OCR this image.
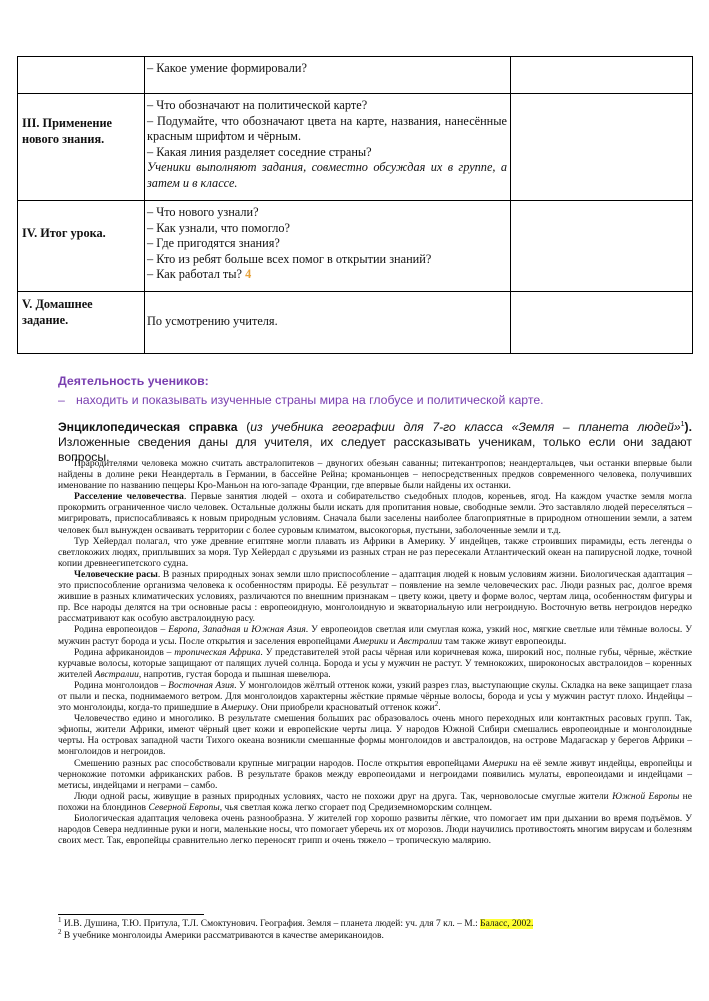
	– Какое умение формировали?	

III. Применение нового знания.	– Что обозначают на политической карте?
– Подумайте, что обозначают цвета на карте, названия, нанесённые красным шрифтом и чёрным.
– Какая линия разделяет соседние страны?
Ученики выполняют задания, совместно обсуждая их в группе, а затем и в классе.	

IV. Итог урока.	– Что нового узнали?
– Как узнали, что помогло?
– Где пригодятся знания?
– Кто из ребят больше всех помог в открытии знаний?
– Как работал ты? 4	

V. Домашнее задание.	По усмотрению учителя.	

Деятельность учеников:
– находить и показывать изученные страны мира на глобусе и политической карте.
Энциклопедическая справка (из учебника географии для 7-го класса «Земля – планета людей»$^1$). Изложенные сведения даны для учителя, их следует рассказывать ученикам, только если они задают вопросы.

Прародителями человека можно считать австралопитеков – двуногих обезьян саванны; питекантропов; неандертальцев, чьи останки впервые были найдены в долине реки Неандерталь в Германии, в бассейне Рейна; кроманьонцев – непосредственных предков современного человека, получивших именование по названию пещеры Кро-Маньон на юго-западе Франции, где впервые были найдены их останки.

Расселение человечества. Первые занятия людей – охота и собирательство съедобных плодов, кореньев, ягод. На каждом участке земля могла прокормить ограниченное число человек. Остальные должны были искать для пропитания новые, свободные земли. Это заставляло людей переселяться – мигрировать, приспосабливаясь к новым природным условиям. Сначала были заселены наиболее благоприятные в природном отношении земли, а затем человек был вынужден осваивать территории с более суровым климатом, высокогорья, пустыни, заболоченные земли и т.д.

Тур Хейердал полагал, что уже древние египтяне могли плавать из Африки в Америку. У индейцев, также строивших пирамиды, есть легенды о светлокожих людях, приплывших за моря. Тур Хейердал с друзьями из разных стран не раз пересекали Атлантический океан на папирусной лодке, точной копии древнеегипетского судна.

Человеческие расы. В разных природных зонах земли шло приспособление – адаптация людей к новым условиям жизни. Биологическая адаптация – это приспособление организма человека к особенностям природы. Её результат – появление на земле человеческих рас. Люди разных рас, долгое время жившие в разных климатических условиях, различаются по внешним признакам – цвету кожи, цвету и форме волос, чертам лица, особенностям фигуры и пр. Все народы делятся на три основные расы : европеоидную, монголоидную и экваториальную или негроидную. Восточную ветвь негроидов нередко рассматривают как особую австралоидную расу.

Родина европеоидов – Европа, Западная и Южная Азия. У европеоидов светлая или смуглая кожа, узкий нос, мягкие светлые или тёмные волосы. У мужчин растут борода и усы. После открытия и заселения европейцами Америки и Австралии там также живут европеоиды.

Родина африканоидов – тропическая Африка. У представителей этой расы чёрная или коричневая кожа, широкий нос, полные губы, чёрные, жёсткие курчавые волосы, которые защищают от палящих лучей солнца. Борода и усы у мужчин не растут. У темнокожих, широконосых австралоидов – коренных жителей Австралии, напротив, густая борода и пышная шевелюра.

Родина монголоидов – Восточная Азия. У монголоидов жёлтый оттенок кожи, узкий разрез глаз, выступающие скулы. Складка на веке защищает глаза от пыли и песка, поднимаемого ветром. Для монголоидов характерны жёсткие прямые чёрные волосы, борода и усы у мужчин растут плохо. Индейцы – это монголоиды, когда-то пришедшие в Америку. Они приобрели красноватый оттенок кожи$^2$.

Человечество едино и многолико. В результате смешения больших рас образовалось очень много переходных или контактных расовых групп. Так, эфиопы, жители Африки, имеют чёрный цвет кожи и европейские черты лица. У народов Южной Сибири смешались европеоидные и монголоидные черты. На островах западной части Тихого океана возникли смешанные формы монголоидов и австралоидов, на острове Мадагаскар у берегов Африки – монголоидов и негроидов.

Смешению разных рас способствовали крупные миграции народов. После открытия европейцами Америки на её земле живут индейцы, европейцы и чернокожие потомки африканских рабов. В результате браков между европеоидами и негроидами появились мулаты, европеоидами и индейцами – метисы, индейцами и неграми – самбо.

Люди одной расы, живущие в разных природных условиях, часто не похожи друг на друга. Так, черноволосые смуглые жители Южной Европы не похожи на блондинов Северной Европы, чья светлая кожа легко сгорает под Средиземноморским солнцем.

Биологическая адаптация человека очень разнообразна. У жителей гор хорошо развиты лёгкие, что помогает им при дыхании во время подъёмов. У народов Севера недлинные руки и ноги, маленькие носы, что помогает уберечь их от морозов. Люди научились противостоять многим вирусам и болезням своих мест. Так, европейцы сравнительно легко переносят грипп и очень тяжело – тропическую малярию.

$^1$ И.В. Душина, Т.Ю. Притула, Т.Л. Смоктунович. География. Земля – планета людей: уч. для 7 кл. – М.: Баласс, 2002.

$^2$ В учебнике монголоиды Америки рассматриваются в качестве американоидов.
